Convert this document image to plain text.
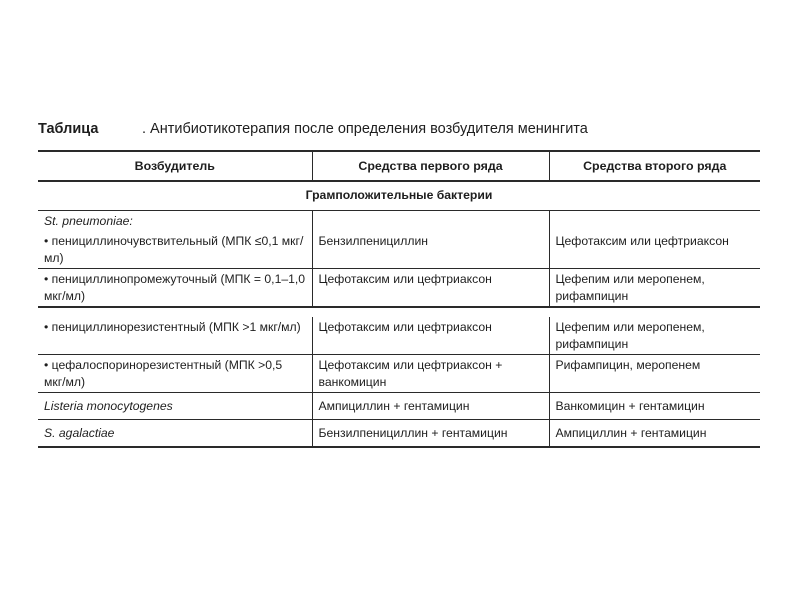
Таблица	. Антибиотикотерапия после определения возбудителя менингита
Возбудитель	Средства первого ряда	Средства второго ряда
Грамположительные бактерии		
St. pneumoniae:		
• пенициллиночувствительный (МПК ≤0,1 мкг/мл)	Бензилпенициллин	Цефотаксим или цефтриаксон
• пенициллинопромежуточный (МПК = 0,1–1,0 мкг/мл)	Цефотаксим или цефтриаксон	Цефепим или меропенем, рифампицин

• пенициллинорезистентный (МПК >1 мкг/мл)	Цефотаксим или цефтриаксон	Цефепим или меропенем, рифампицин
• цефалоспоринорезистентный (МПК >0,5 мкг/мл)	Цефотаксим или цефтриаксон + ванкомицин	Рифампицин, меропенем
Listeria monocytogenes	Ампициллин + гентамицин	Ванкомицин + гентамицин
S. agalactiae	Бензилпенициллин + гентамицин	Ампициллин + гентамицин
